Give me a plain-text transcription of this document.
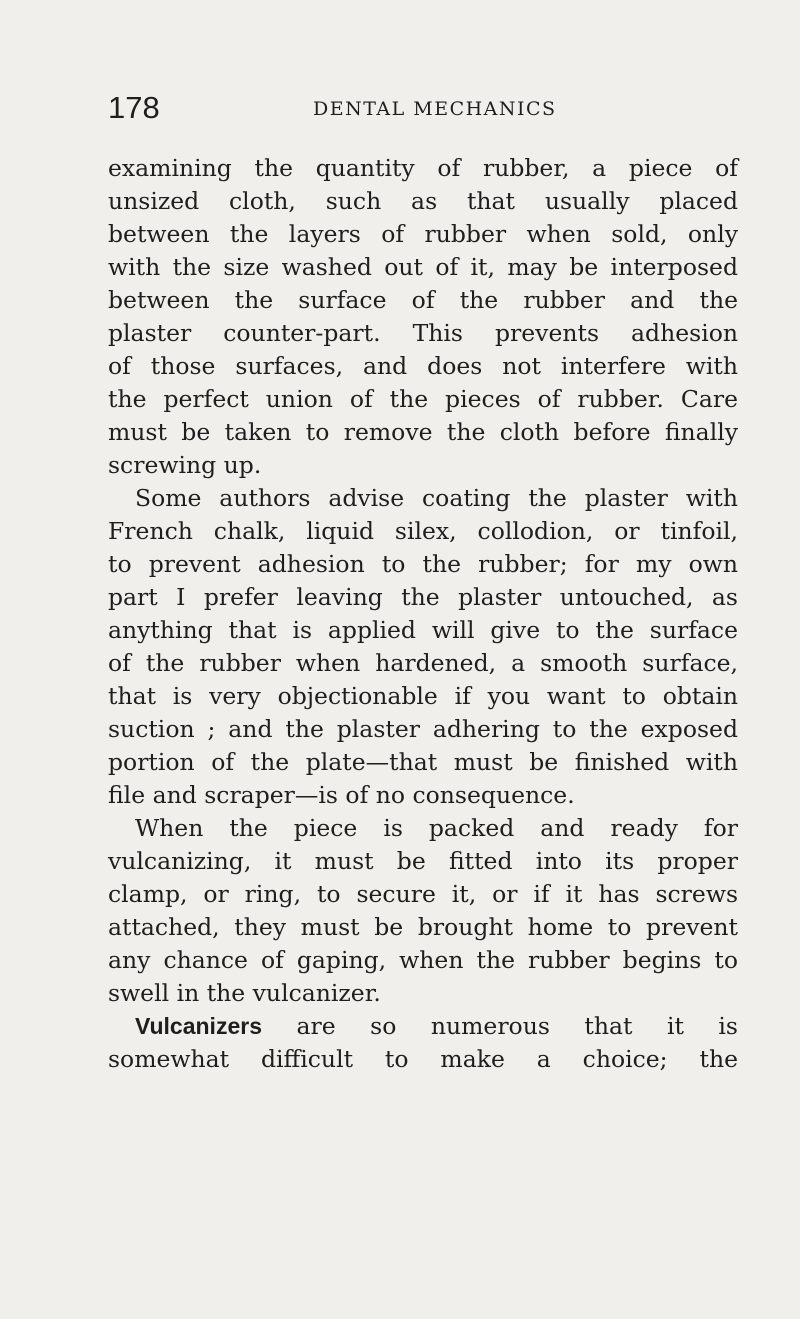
178	DENTAL MECHANICS
examining the quantity of rubber, a piece of
unsized cloth, such as that usually placed
between the layers of rubber when sold, only
with the size washed out of it, may be interposed
between the surface of the rubber and the
plaster counter-part. This prevents adhesion
of those surfaces, and does not interfere with
the perfect union of the pieces of rubber. Care
must be taken to remove the cloth before finally
screwing up.
Some authors advise coating the plaster with
French chalk, liquid silex, collodion, or tinfoil,
to prevent adhesion to the rubber; for my own
part I prefer leaving the plaster untouched, as
anything that is applied will give to the surface
of the rubber when hardened, a smooth surface,
that is very objectionable if you want to obtain
suction ; and the plaster adhering to the exposed
portion of the plate—that must be finished with
file and scraper—is of no consequence.
When the piece is packed and ready for
vulcanizing, it must be fitted into its proper
clamp, or ring, to secure it, or if it has screws
attached, they must be brought home to prevent
any chance of gaping, when the rubber begins to
swell in the vulcanizer.
Vulcanizers are so numerous that it is
somewhat difficult to make a choice; the
